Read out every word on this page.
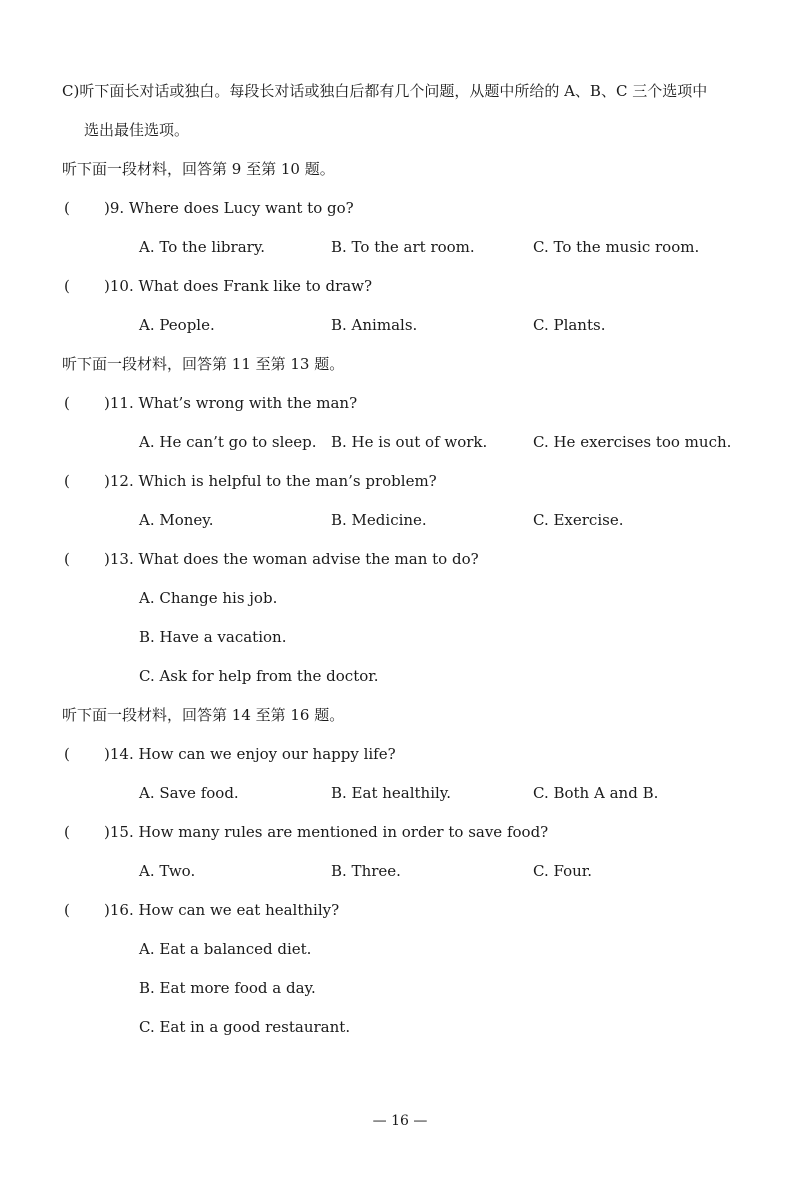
C)听下面长对话或独白。每段长对话或独白后都有几个问题，从题中所给的 A、B、C 三个选项中
选出最佳选项。
听下面一段材料，回答第 9 至第 10 题。
( )9. Where does Lucy want to go?
A. To the library.	B. To the art room.	C. To the music room.
( )10. What does Frank like to draw?
A. People.	B. Animals.	C. Plants.
听下面一段材料，回答第 11 至第 13 题。
( )11. What’s wrong with the man?
A. He can’t go to sleep. B. He is out of work.	C. He exercises too much.
( )12. Which is helpful to the man’s problem?
A. Money.	B. Medicine.	C. Exercise.
( )13. What does the woman advise the man to do?
A. Change his job.
B. Have a vacation.
C. Ask for help from the doctor.
听下面一段材料，回答第 14 至第 16 题。
( )14. How can we enjoy our happy life?
A. Save food.	B. Eat healthily.	C. Both A and B.
( )15. How many rules are mentioned in order to save food?
A. Two.	B. Three.	C. Four.
( )16. How can we eat healthily?
A. Eat a balanced diet.
B. Eat more food a day.
C. Eat in a good restaurant.
— 16 —
